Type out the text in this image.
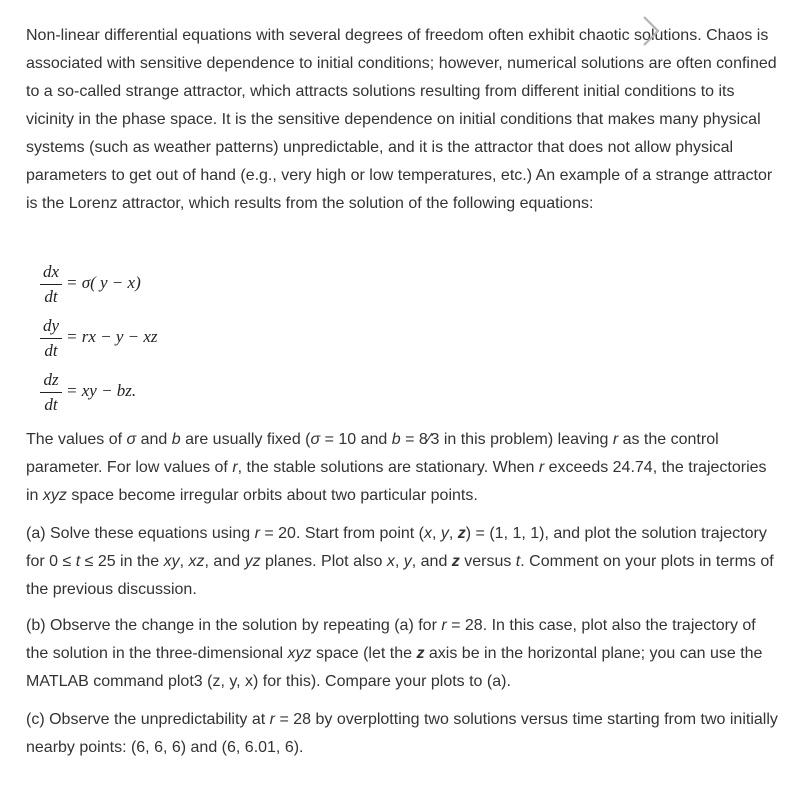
Non-linear differential equations with several degrees of freedom often exhibit chaotic solutions. Chaos is associated with sensitive dependence to initial conditions; however, numerical solutions are often confined to a so-called strange attractor, which attracts solutions resulting from different initial conditions to its vicinity in the phase space. It is the sensitive dependence on initial conditions that makes many physical systems (such as weather patterns) unpredictable, and it is the attractor that does not allow physical parameters to get out of hand (e.g., very high or low temperatures, etc.) An example of a strange attractor is the Lorenz attractor, which results from the solution of the following equations:

dx
dt
= σ( y − x)
dy
dt
= rx − y − xz
dz
dt
= xy − bz.

The values of σ and b are usually fixed (σ = 10 and b = 8⁄3 in this problem) leaving r as the control parameter. For low values of r, the stable solutions are stationary. When r exceeds 24.74, the trajectories in xyz space become irregular orbits about two particular points.

(a) Solve these equations using r = 20. Start from point (x, y, z) = (1, 1, 1), and plot the solution trajectory for 0 ≤ t ≤ 25 in the xy, xz, and yz planes. Plot also x, y, and z versus t. Comment on your plots in terms of the previous discussion.

(b) Observe the change in the solution by repeating (a) for r = 28. In this case, plot also the trajectory of the solution in the three-dimensional xyz space (let the z axis be in the horizontal plane; you can use the MATLAB command plot3 (z, y, x) for this). Compare your plots to (a).

(c) Observe the unpredictability at r = 28 by overplotting two solutions versus time starting from two initially nearby points: (6, 6, 6) and (6, 6.01, 6).
